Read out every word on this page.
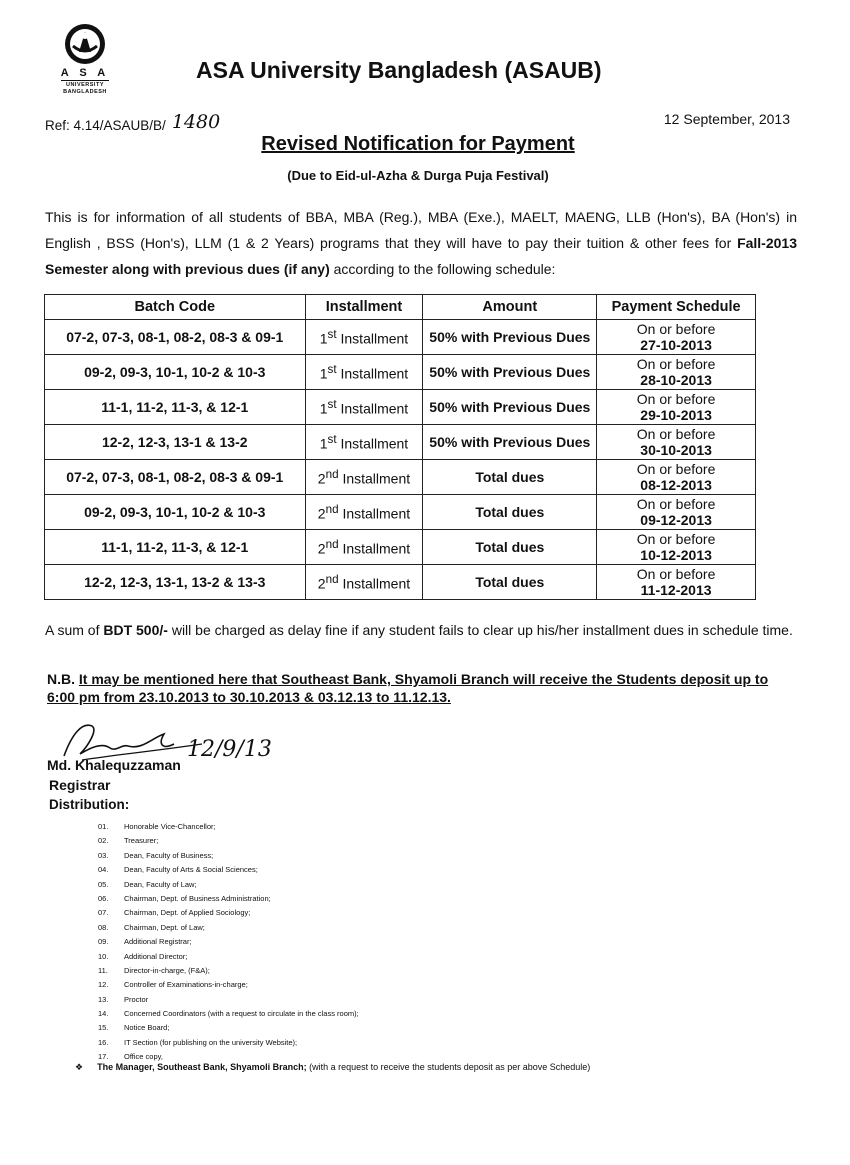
A S A
UNIVERSITY
BANGLADESH
ASA University Bangladesh (ASAUB)
Ref: 4.14/ASAUB/B/ 1480	12 September, 2013
Revised Notification for Payment
(Due to Eid-ul-Azha & Durga Puja Festival)
This is for information of all students of BBA, MBA (Reg.), MBA (Exe.), MAELT, MAENG, LLB (Hon's), BA (Hon's) in English , BSS (Hon's), LLM (1 & 2 Years) programs that they will have to pay their tuition & other fees for Fall-2013 Semester along with previous dues (if any) according to the following schedule:
Batch Code	Installment	Amount	Payment Schedule
07-2, 07-3, 08-1, 08-2, 08-3 & 09-1	1st Installment	50% with Previous Dues	On or before
27-10-2013

09-2, 09-3, 10-1, 10-2 & 10-3	1st Installment	50% with Previous Dues	On or before
28-10-2013

11-1, 11-2, 11-3, & 12-1	1st Installment	50% with Previous Dues	On or before
29-10-2013

12-2, 12-3, 13-1 & 13-2	1st Installment	50% with Previous Dues	On or before
30-10-2013

07-2, 07-3, 08-1, 08-2, 08-3 & 09-1	2nd Installment	Total dues	On or before
08-12-2013

09-2, 09-3, 10-1, 10-2 & 10-3	2nd Installment	Total dues	On or before
09-12-2013

11-1, 11-2, 11-3, & 12-1	2nd Installment	Total dues	On or before
10-12-2013

12-2, 12-3, 13-1, 13-2 & 13-3	2nd Installment	Total dues	On or before
11-12-2013
A sum of BDT 500/- will be charged as delay fine if any student fails to clear up his/her installment dues in schedule time.
N.B. It may be mentioned here that Southeast Bank, Shyamoli Branch will receive the Students deposit up to 6:00 pm from 23.10.2013 to 30.10.2013 & 03.12.13 to 11.12.13.
12/9/13
Md. Khalequzzaman
Registrar
Distribution:
01. Honorable Vice-Chancellor;
02. Treasurer;
03. Dean, Faculty of Business;
04. Dean, Faculty of Arts & Social Sciences;
05. Dean, Faculty of Law;
06. Chairman, Dept. of Business Administration;
07. Chairman, Dept. of Applied Sociology;
08. Chairman, Dept. of Law;
09. Additional Registrar;
10. Additional Director;
11. Director-in-charge, (F&A);
12. Controller of Examinations-in-charge;
13. Proctor
14. Concerned Coordinators (with a request to circulate in the class room);
15. Notice Board;
16. IT Section (for publishing on the university Website);
17. Office copy,
❖ The Manager, Southeast Bank, Shyamoli Branch; (with a request to receive the students deposit as per above Schedule)
